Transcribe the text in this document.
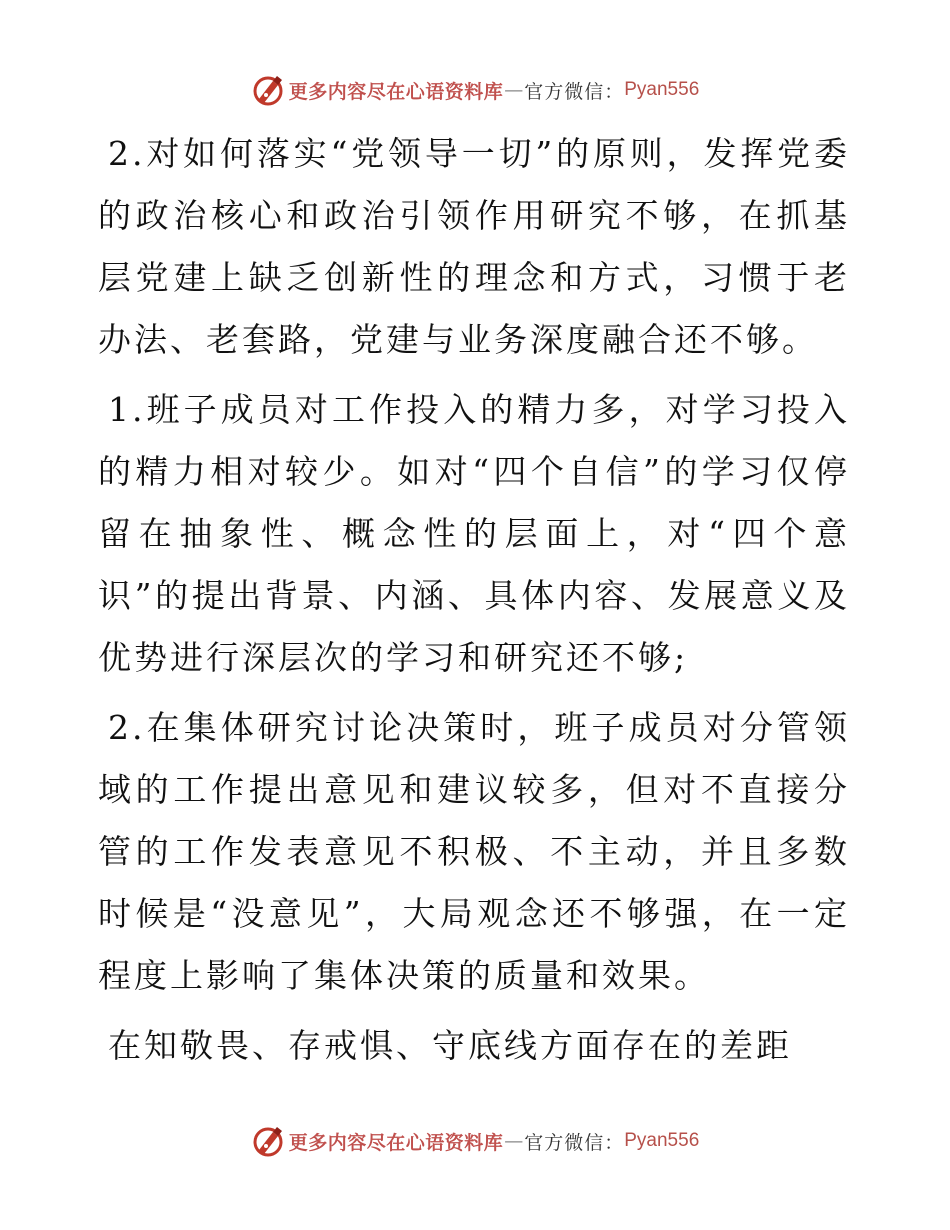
更多内容尽在心语资料库 — 官方微信： Pyan556

2.对如何落实“党领导一切”的原则，发挥党委的政治核心和政治引领作用研究不够，在抓基层党建上缺乏创新性的理念和方式，习惯于老办法、老套路，党建与业务深度融合还不够。

1.班子成员对工作投入的精力多，对学习投入的精力相对较少。如对“四个自信”的学习仅停留在抽象性、概念性的层面上，对“四个意识”的提出背景、内涵、具体内容、发展意义及优势进行深层次的学习和研究还不够;

2.在集体研究讨论决策时，班子成员对分管领域的工作提出意见和建议较多，但对不直接分管的工作发表意见不积极、不主动，并且多数时候是“没意见”，大局观念还不够强，在一定程度上影响了集体决策的质量和效果。

在知敬畏、存戒惧、守底线方面存在的差距

更多内容尽在心语资料库 — 官方微信： Pyan556
